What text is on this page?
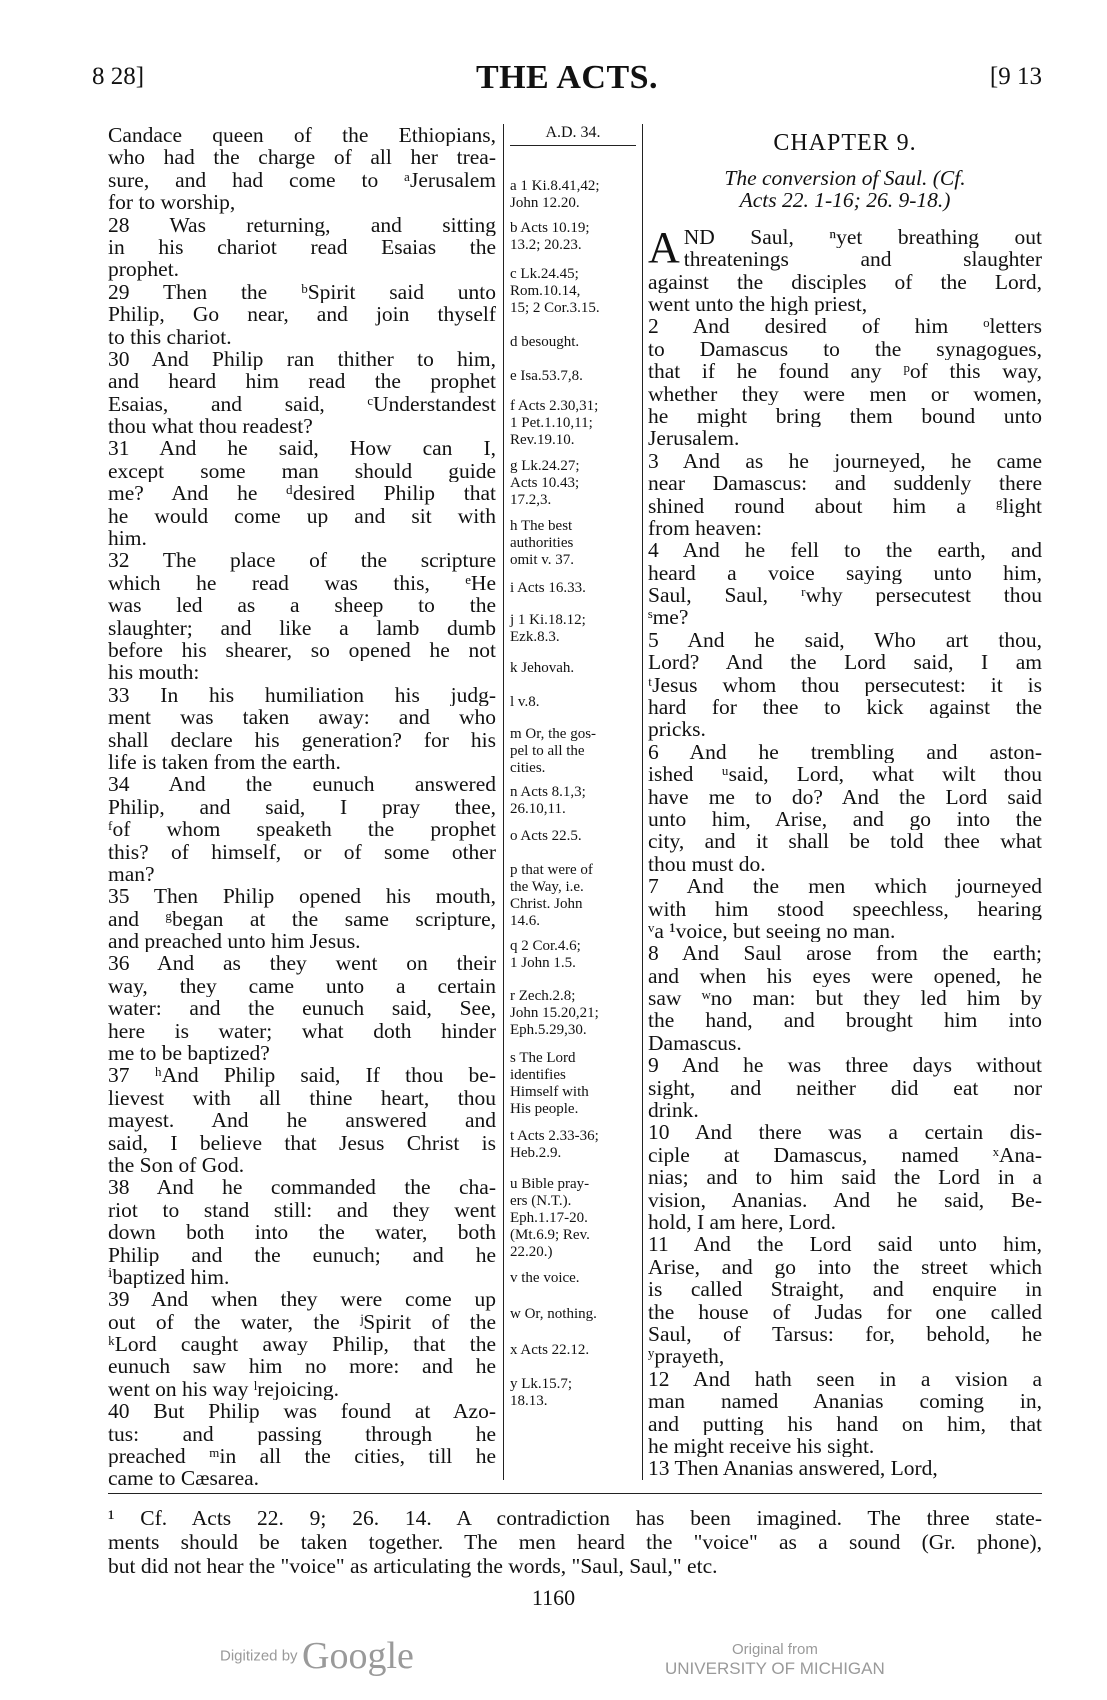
8 28]	THE ACTS.	[9 13
Candace queen of the Ethiopians,
who had the charge of all her trea-
sure, and had come to ᵃJerusalem
for to worship,
28 Was returning, and sitting
in his chariot read Esaias the
prophet.
29 Then the ᵇSpirit said unto
Philip, Go near, and join thyself
to this chariot.
30 And Philip ran thither to him,
and heard him read the prophet
Esaias, and said, ᶜUnderstandest
thou what thou readest?
31 And he said, How can I,
except some man should guide
me? And he ᵈdesired Philip that
he would come up and sit with
him.
32 The place of the scripture
which he read was this, ᵉHe
was led as a sheep to the
slaughter; and like a lamb dumb
before his shearer, so opened he not
his mouth:
33 In his humiliation his judg-
ment was taken away: and who
shall declare his generation? for his
life is taken from the earth.
34 And the eunuch answered
Philip, and said, I pray thee,
ᶠof whom speaketh the prophet
this? of himself, or of some other
man?
35 Then Philip opened his mouth,
and ᵍbegan at the same scripture,
and preached unto him Jesus.
36 And as they went on their
way, they came unto a certain
water: and the eunuch said, See,
here is water; what doth hinder
me to be baptized?
37 ʰAnd Philip said, If thou be-
lievest with all thine heart, thou
mayest. And he answered and
said, I believe that Jesus Christ is
the Son of God.
38 And he commanded the cha-
riot to stand still: and they went
down both into the water, both
Philip and the eunuch; and he
ⁱbaptized him.
39 And when they were come up
out of the water, the ʲSpirit of the
ᵏLord caught away Philip, that the
eunuch saw him no more: and he
went on his way ˡrejoicing.
40 But Philip was found at Azo-
tus: and passing through he
preached ᵐin all the cities, till he
came to Cæsarea.
A.D. 34.
a 1 Ki.8.41,42;
John 12.20.
b Acts 10.19;
13.2; 20.23.
c Lk.24.45;
Rom.10.14,
15; 2 Cor.3.15.
d besought.
e Isa.53.7,8.
f Acts 2.30,31;
1 Pet.1.10,11;
Rev.19.10.
g Lk.24.27;
Acts 10.43;
17.2,3.
h The best
authorities
omit v. 37.
i Acts 16.33.
j 1 Ki.18.12;
Ezk.8.3.
k Jehovah.
l v.8.
m Or, the gos-
pel to all the
cities.
n Acts 8.1,3;
26.10,11.
o Acts 22.5.
p that were of
the Way, i.e.
Christ. John
14.6.
q 2 Cor.4.6;
1 John 1.5.
r Zech.2.8;
John 15.20,21;
Eph.5.29,30.
s The Lord
identifies
Himself with
His people.
t Acts 2.33-36;
Heb.2.9.
u Bible pray-
ers (N.T.).
Eph.1.17-20.
(Mt.6.9; Rev.
22.20.)
v the voice.
w Or, nothing.
x Acts 22.12.
y Lk.15.7;
18.13.
CHAPTER 9.
The conversion of Saul. (Cf.
Acts 22. 1-16; 26. 9-18.)
A ND Saul, ⁿyet breathing out
threatenings and slaughter
against the disciples of the Lord,
went unto the high priest,
2 And desired of him ᵒletters
to Damascus to the synagogues,
that if he found any ᵖof this way,
whether they were men or women,
he might bring them bound unto
Jerusalem.
3 And as he journeyed, he came
near Damascus: and suddenly there
shined round about him a ᵍlight
from heaven:
4 And he fell to the earth, and
heard a voice saying unto him,
Saul, Saul, ʳwhy persecutest thou
ˢme?
5 And he said, Who art thou,
Lord? And the Lord said, I am
ᵗJesus whom thou persecutest: it is
hard for thee to kick against the
pricks.
6 And he trembling and aston-
ished ᵘsaid, Lord, what wilt thou
have me to do? And the Lord said
unto him, Arise, and go into the
city, and it shall be told thee what
thou must do.
7 And the men which journeyed
with him stood speechless, hearing
ᵛa ¹voice, but seeing no man.
8 And Saul arose from the earth;
and when his eyes were opened, he
saw ʷno man: but they led him by
the hand, and brought him into
Damascus.
9 And he was three days without
sight, and neither did eat nor
drink.
10 And there was a certain dis-
ciple at Damascus, named ˣAna-
nias; and to him said the Lord in a
vision, Ananias. And he said, Be-
hold, I am here, Lord.
11 And the Lord said unto him,
Arise, and go into the street which
is called Straight, and enquire in
the house of Judas for one called
Saul, of Tarsus: for, behold, he
ʸprayeth,
12 And hath seen in a vision a
man named Ananias coming in,
and putting his hand on him, that
he might receive his sight.
13 Then Ananias answered, Lord,
¹ Cf. Acts 22. 9; 26. 14. A contradiction has been imagined. The three state-
ments should be taken together. The men heard the "voice" as a sound (Gr. phone),
but did not hear the "voice" as articulating the words, "Saul, Saul," etc.
1160
Digitized by Google	Original from
UNIVERSITY OF MICHIGAN
